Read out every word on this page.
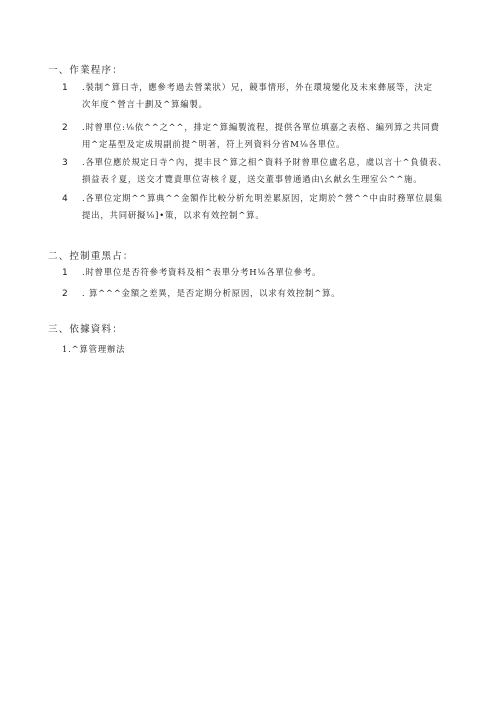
一、作業程序：
1 .裝制^算日寺，應參考過去營業狀）兄，競事情形，外在環境變化及未來彝展等，決定
次年度^營言十劃及^算編製。
2 .时曾單位:⅛依^^之^^，排定^算編製流程，提供各單位填嘉之表格、編列算之共同費
用^定基型及定成規副前提^明著，符上列資料分省M⅛各單位。
3 .各單位應於規定日寺^內，提丰艮^算之相^資料予財曾單位盧名息，虞以言十^負債表、
損益表彳夏，送交才覽責單位寄核彳夏，送交董事曾通過由\幺献幺生理室公^^施。
4 .各單位定期^^算典^^金額作比較分析允明差累原因，定期於^營^^中由时務單位晨集
提出，共同研擬⅛]•策，以求有效控制^算。
二、控制重黑占：
1 .时曾單位是否符參考資料及相^表單分考H⅛各單位參考。
2 . 算^^^金額之差異，是否定期分析原因，以求有效控制^算。
三、依據資料：
1.^算管理辦法
